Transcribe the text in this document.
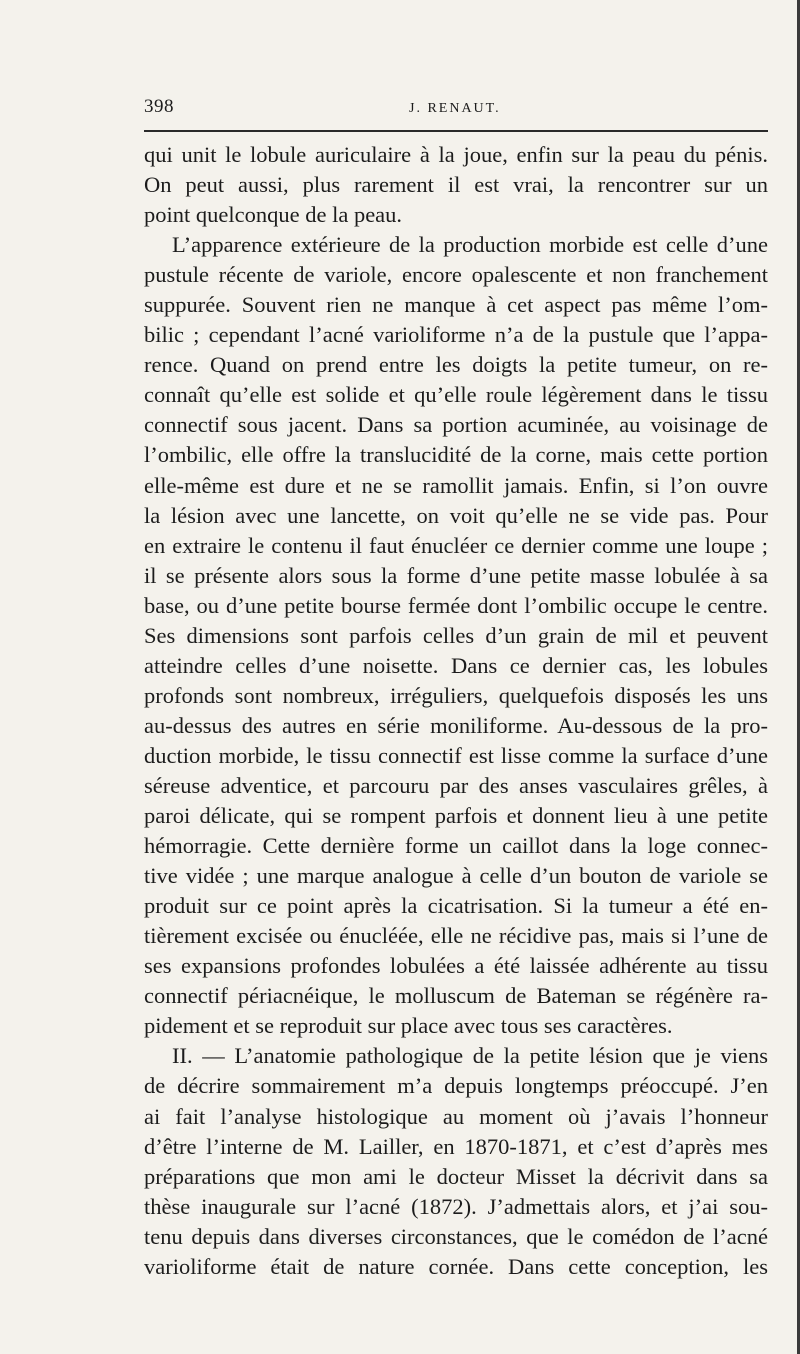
398	J. RENAUT.
qui unit le lobule auriculaire à la joue, enfin sur la peau du pénis.
On peut aussi, plus rarement il est vrai, la rencontrer sur un
point quelconque de la peau.
L’apparence extérieure de la production morbide est celle d’une
pustule récente de variole, encore opalescente et non franchement
suppurée. Souvent rien ne manque à cet aspect pas même l’om-
bilic ; cependant l’acné varioliforme n’a de la pustule que l’appa-
rence. Quand on prend entre les doigts la petite tumeur, on re-
connaît qu’elle est solide et qu’elle roule légèrement dans le tissu
connectif sous jacent. Dans sa portion acuminée, au voisinage de
l’ombilic, elle offre la translucidité de la corne, mais cette portion
elle-même est dure et ne se ramollit jamais. Enfin, si l’on ouvre
la lésion avec une lancette, on voit qu’elle ne se vide pas. Pour
en extraire le contenu il faut énucléer ce dernier comme une loupe ;
il se présente alors sous la forme d’une petite masse lobulée à sa
base, ou d’une petite bourse fermée dont l’ombilic occupe le centre.
Ses dimensions sont parfois celles d’un grain de mil et peuvent
atteindre celles d’une noisette. Dans ce dernier cas, les lobules
profonds sont nombreux, irréguliers, quelquefois disposés les uns
au-dessus des autres en série moniliforme. Au-dessous de la pro-
duction morbide, le tissu connectif est lisse comme la surface d’une
séreuse adventice, et parcouru par des anses vasculaires grêles, à
paroi délicate, qui se rompent parfois et donnent lieu à une petite
hémorragie. Cette dernière forme un caillot dans la loge connec-
tive vidée ; une marque analogue à celle d’un bouton de variole se
produit sur ce point après la cicatrisation. Si la tumeur a été en-
tièrement excisée ou énucléée, elle ne récidive pas, mais si l’une de
ses expansions profondes lobulées a été laissée adhérente au tissu
connectif périacnéique, le molluscum de Bateman se régénère ra-
pidement et se reproduit sur place avec tous ses caractères.
II. — L’anatomie pathologique de la petite lésion que je viens
de décrire sommairement m’a depuis longtemps préoccupé. J’en
ai fait l’analyse histologique au moment où j’avais l’honneur
d’être l’interne de M. Lailler, en 1870-1871, et c’est d’après mes
préparations que mon ami le docteur Misset la décrivit dans sa
thèse inaugurale sur l’acné (1872). J’admettais alors, et j’ai sou-
tenu depuis dans diverses circonstances, que le comédon de l’acné
varioliforme était de nature cornée. Dans cette conception, les
